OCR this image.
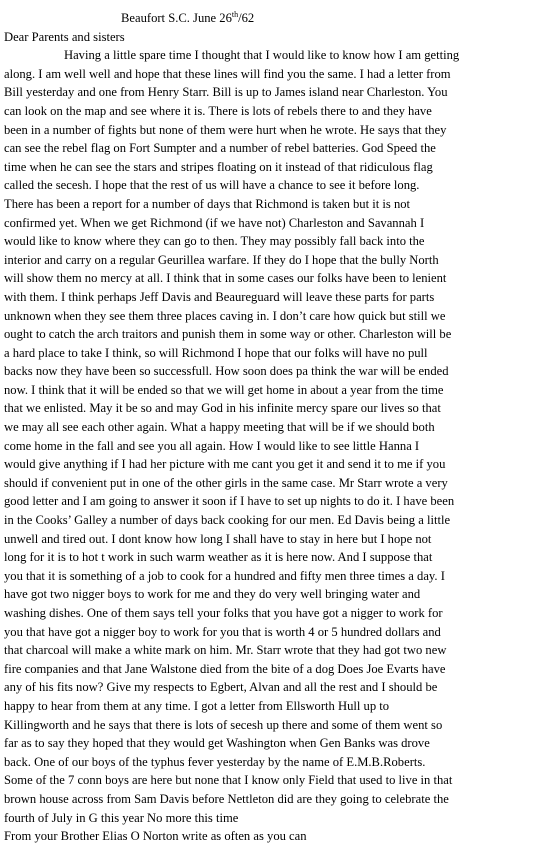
Beaufort S.C. June 26th/62
Dear Parents and sisters
Having a little spare time I thought that I would like to know how I am getting
along. I am well well and hope that these lines will find you the same. I had a letter from
Bill yesterday and one from Henry Starr. Bill is up to James island near Charleston. You
can look on the map and see where it is. There is lots of rebels there to and they have
been in a number of fights but none of them were hurt when he wrote. He says that they
can see the rebel flag on Fort Sumpter and a number of rebel batteries. God Speed the
time when he can see the stars and stripes floating on it instead of that ridiculous flag
called the secesh. I hope that the rest of us will have a chance to see it before long.
There has been a report for a number of days that Richmond is taken but it is not
confirmed yet. When we get Richmond (if we have not) Charleston and Savannah I
would like to know where they can go to then. They may possibly fall back into the
interior and carry on a regular Geurillea warfare. If they do I hope that the bully North
will show them no mercy at all. I think that in some cases our folks have been to lenient
with them. I think perhaps Jeff Davis and Beaureguard will leave these parts for parts
unknown when they see them three places caving in. I don’t care how quick but still we
ought to catch the arch traitors and punish them in some way or other. Charleston will be
a hard place to take I think, so will Richmond I hope that our folks will have no pull
backs now they have been so successfull. How soon does pa think the war will be ended
now. I think that it will be ended so that we will get home in about a year from the time
that we enlisted. May it be so and may God in his infinite mercy spare our lives so that
we may all see each other again. What a happy meeting that will be if we should both
come home in the fall and see you all again. How I would like to see little Hanna I
would give anything if I had her picture with me cant you get it and send it to me if you
should if convenient put in one of the other girls in the same case. Mr Starr wrote a very
good letter and I am going to answer it soon if I have to set up nights to do it. I have been
in the Cooks’ Galley a number of days back cooking for our men. Ed Davis being a little
unwell and tired out. I dont know how long I shall have to stay in here but I hope not
long for it is to hot t work in such warm weather as it is here now. And I suppose that
you that it is something of a job to cook for a hundred and fifty men three times a day. I
have got two nigger boys to work for me and they do very well bringing water and
washing dishes. One of them says tell your folks that you have got a nigger to work for
you that have got a nigger boy to work for you that is worth 4 or 5 hundred dollars and
that charcoal will make a white mark on him. Mr. Starr wrote that they had got two new
fire companies and that Jane Walstone died from the bite of a dog Does Joe Evarts have
any of his fits now? Give my respects to Egbert, Alvan and all the rest and I should be
happy to hear from them at any time. I got a letter from Ellsworth Hull up to
Killingworth and he says that there is lots of secesh up there and some of them went so
far as to say they hoped that they would get Washington when Gen Banks was drove
back. One of our boys of the typhus fever yesterday by the name of E.M.B.Roberts.
Some of the 7 conn boys are here but none that I know only Field that used to live in that
brown house across from Sam Davis before Nettleton did are they going to celebrate the
fourth of July in G this year No more this time
From your Brother Elias O Norton write as often as you can
